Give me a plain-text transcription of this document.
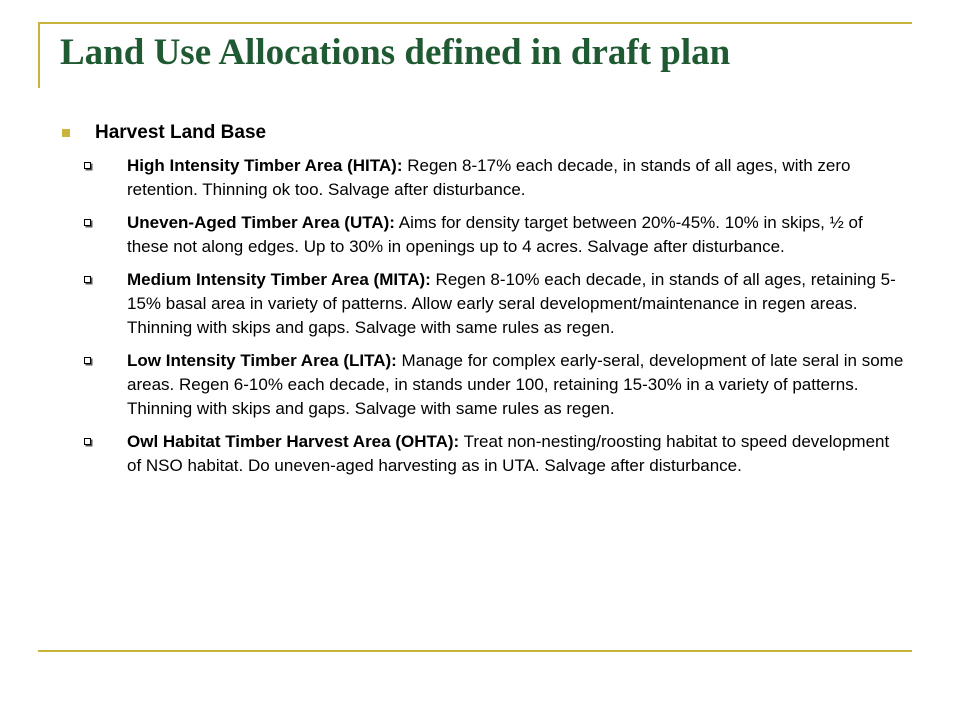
Land Use Allocations defined in draft plan
Harvest Land Base
High Intensity Timber Area (HITA): Regen 8-17% each decade, in stands of all ages, with zero retention. Thinning ok too. Salvage after disturbance.
Uneven-Aged Timber Area (UTA): Aims for density target between 20%-45%. 10% in skips, ½ of these not along edges. Up to 30% in openings up to 4 acres. Salvage after disturbance.
Medium Intensity Timber Area (MITA): Regen 8-10% each decade, in stands of all ages, retaining 5-15% basal area in variety of patterns. Allow early seral development/maintenance in regen areas. Thinning with skips and gaps. Salvage with same rules as regen.
Low Intensity Timber Area (LITA): Manage for complex early-seral, development of late seral in some areas. Regen 6-10% each decade, in stands under 100, retaining 15-30% in a variety of patterns. Thinning with skips and gaps. Salvage with same rules as regen.
Owl Habitat Timber Harvest Area (OHTA): Treat non-nesting/roosting habitat to speed development of NSO habitat. Do uneven-aged harvesting as in UTA. Salvage after disturbance.
